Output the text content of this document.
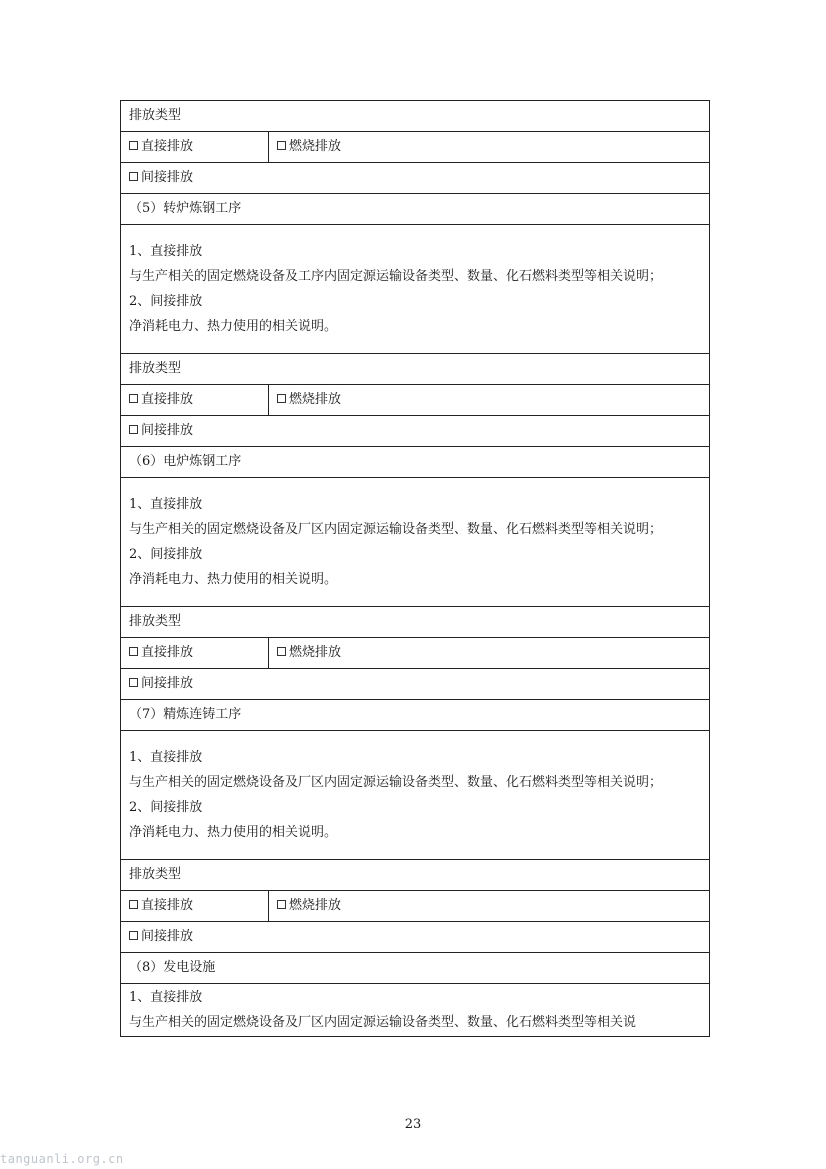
排放类型	
直接排放	燃烧排放
间接排放	
（5）转炉炼钢工序	

1、直接排放

与生产相关的固定燃烧设备及工序内固定源运输设备类型、数量、化石燃料类型等相关说明；

2、间接排放

净消耗电力、热力使用的相关说明。	

排放类型	
直接排放	燃烧排放
间接排放	
（6）电炉炼钢工序	

1、直接排放

与生产相关的固定燃烧设备及厂区内固定源运输设备类型、数量、化石燃料类型等相关说明；

2、间接排放

净消耗电力、热力使用的相关说明。	

排放类型	
直接排放	燃烧排放
间接排放	
（7）精炼连铸工序	

1、直接排放

与生产相关的固定燃烧设备及厂区内固定源运输设备类型、数量、化石燃料类型等相关说明；

2、间接排放

净消耗电力、热力使用的相关说明。	

排放类型	
直接排放	燃烧排放
间接排放	
（8）发电设施	

1、直接排放

与生产相关的固定燃烧设备及厂区内固定源运输设备类型、数量、化石燃料类型等相关说	

23
tanguanli.org.cn
